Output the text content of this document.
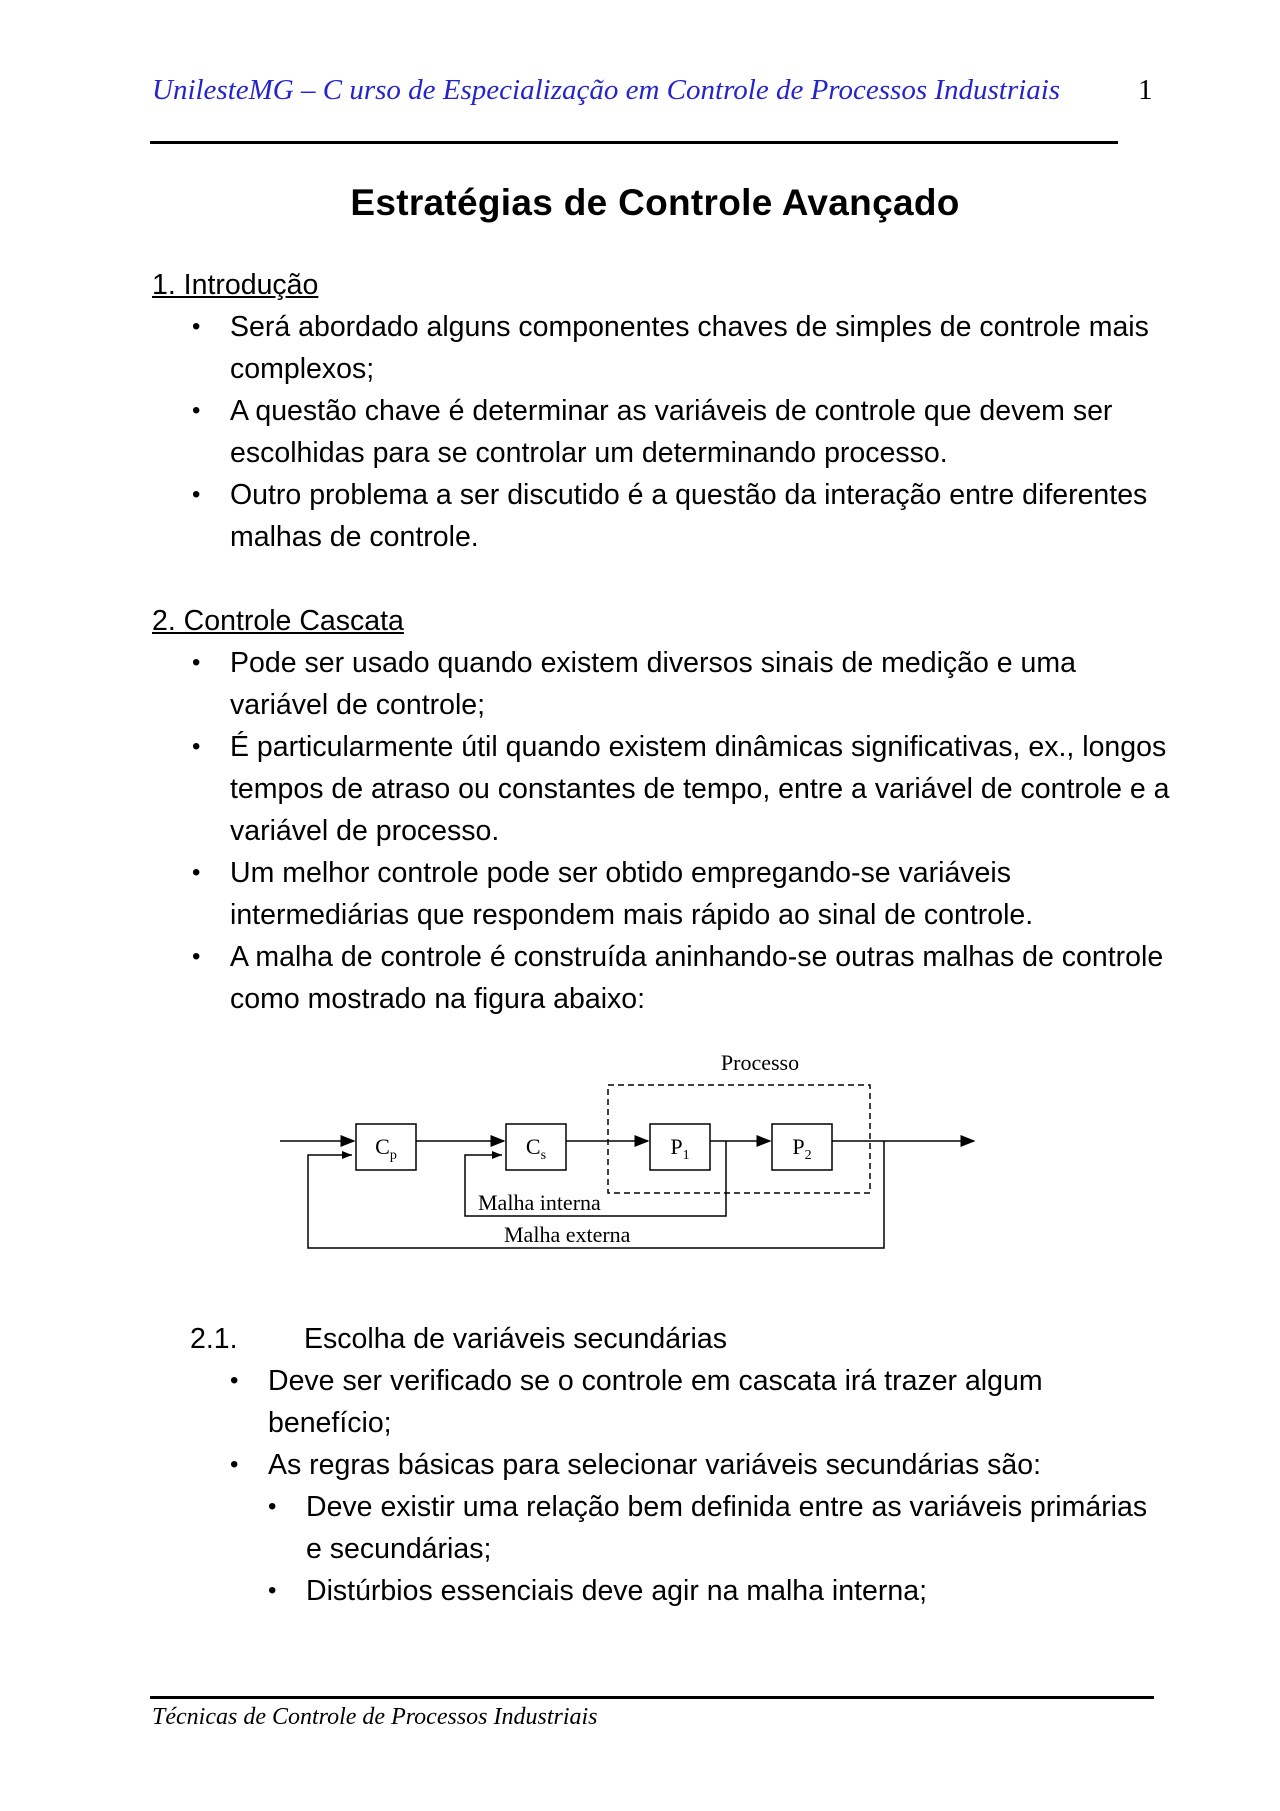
UnilesteMG – C urso de Especialização em Controle de Processos Industriais	1
Estratégias de Controle Avançado
1. Introdução
• Será abordado alguns componentes chaves de simples de controle mais complexos;
• A questão chave é determinar as variáveis de controle que devem ser escolhidas para se controlar um determinando processo.
• Outro problema a ser discutido é a questão da interação entre diferentes malhas de controle.
2. Controle Cascata
• Pode ser usado quando existem diversos sinais de medição e uma variável de controle;
• É particularmente útil quando existem dinâmicas significativas, ex., longos tempos de atraso ou constantes de tempo, entre a variável de controle e a variável de processo.
• Um melhor controle pode ser obtido empregando-se variáveis intermediárias que respondem mais rápido ao sinal de controle.
• A malha de controle é construída aninhando-se outras malhas de controle como mostrado na figura abaixo:
Processo
$C_p$	$C_s$	$P_1$	$P_2$
Malha interna
Malha externa
2.1. Escolha de variáveis secundárias
• Deve ser verificado se o controle em cascata irá trazer algum benefício;
• As regras básicas para selecionar variáveis secundárias são:
• Deve existir uma relação bem definida entre as variáveis primárias e secundárias;
• Distúrbios essenciais deve agir na malha interna;
Técnicas de Controle de Processos Industriais
